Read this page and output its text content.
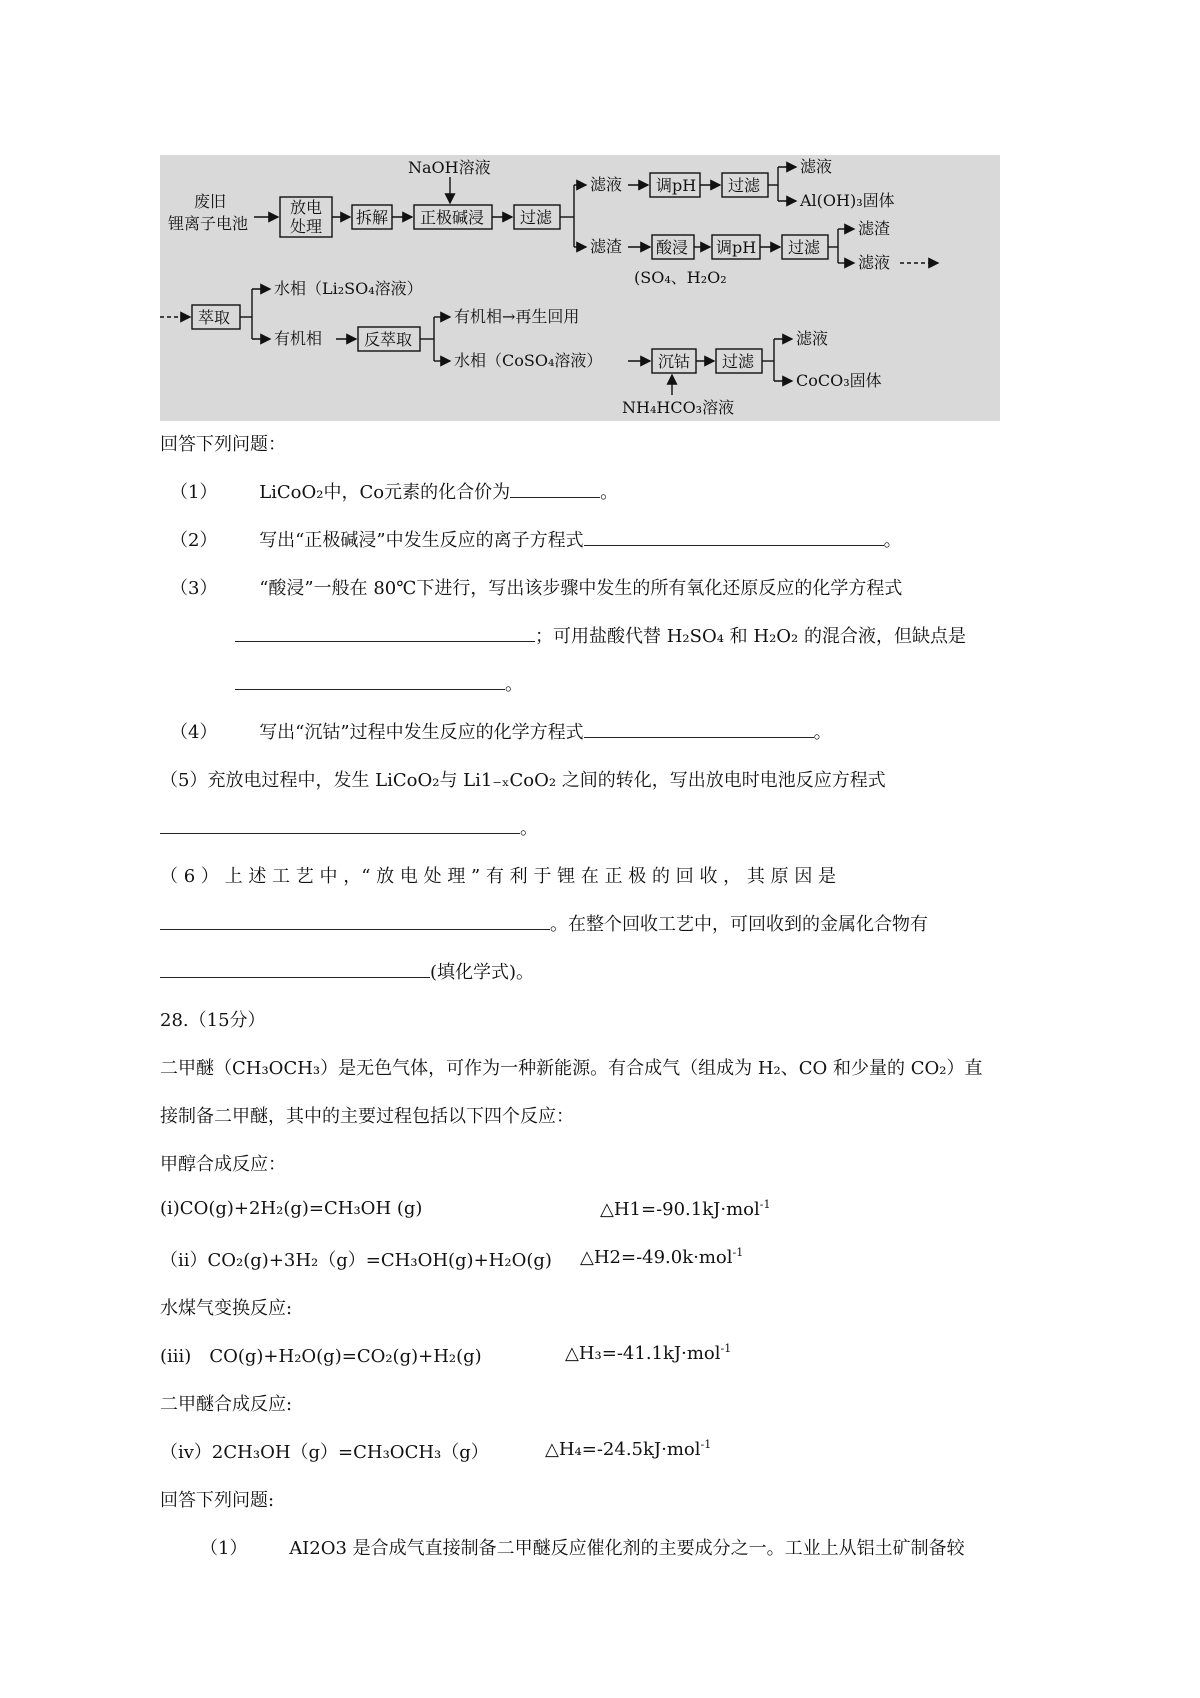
废旧
锂离子电池
放电
处理 拆解
NaOH溶液
正极碱浸 过滤
滤液 调pH 过滤
滤液
Al(OH)₃固体
滤渣 酸浸 调pH 过滤
滤渣
滤液
(SO₄、H₂O₂
萃取
水相（Li₂SO₄溶液）
有机相	反萃取
有机相→再生回用
水相（CoSO₄溶液）	沉钴 过滤
NH₄HCO₃溶液
滤液
CoCO₃固体
回答下列问题：
（1） LiCoO₂中，Co元素的化合价为	。
（2） 写出“正极碱浸”中发生反应的离子方程式	。
（3） “酸浸”一般在 80℃下进行，写出该步骤中发生的所有氧化还原反应的化学方程式
；可用盐酸代替 H₂SO₄ 和 H₂O₂ 的混合液，但缺点是
。
（4） 写出“沉钴”过程中发生反应的化学方程式	。
（5）充放电过程中，发生 LiCoO₂与 Li1₋ₓCoO₂ 之间的转化，写出放电时电池反应方程式
。
（ 6 ） 上 述 工 艺 中 ，“ 放 电 处 理 ” 有 利 于 锂 在 正 极 的 回 收 ， 其 原 因 是
。在整个回收工艺中，可回收到的金属化合物有
(填化学式)。
28.（15分）
二甲醚（CH₃OCH₃）是无色气体，可作为一种新能源。有合成气（组成为 H₂、CO 和少量的 CO₂）直
接制备二甲醚，其中的主要过程包括以下四个反应：
甲醇合成反应：
(i)CO(g)+2H₂(g)=CH₃OH (g)	△H1=-90.1kJ·mol$^{-1}$
（ii）CO₂(g)+3H₂（g）=CH₃OH(g)+H₂O(g) △H2=-49.0k·mol$^{-1}$
水煤气变换反应:
(iii)　CO(g)+H₂O(g)=CO₂(g)+H₂(g)	△H₃=-41.1kJ·mol$^{-1}$
二甲醚合成反应:
（iv）2CH₃OH（g）=CH₃OCH₃（g）	△H₄=-24.5kJ·mol$^{-1}$
回答下列问题:
（1） AI2O3 是合成气直接制备二甲醚反应催化剂的主要成分之一。工业上从铝土矿制备较
